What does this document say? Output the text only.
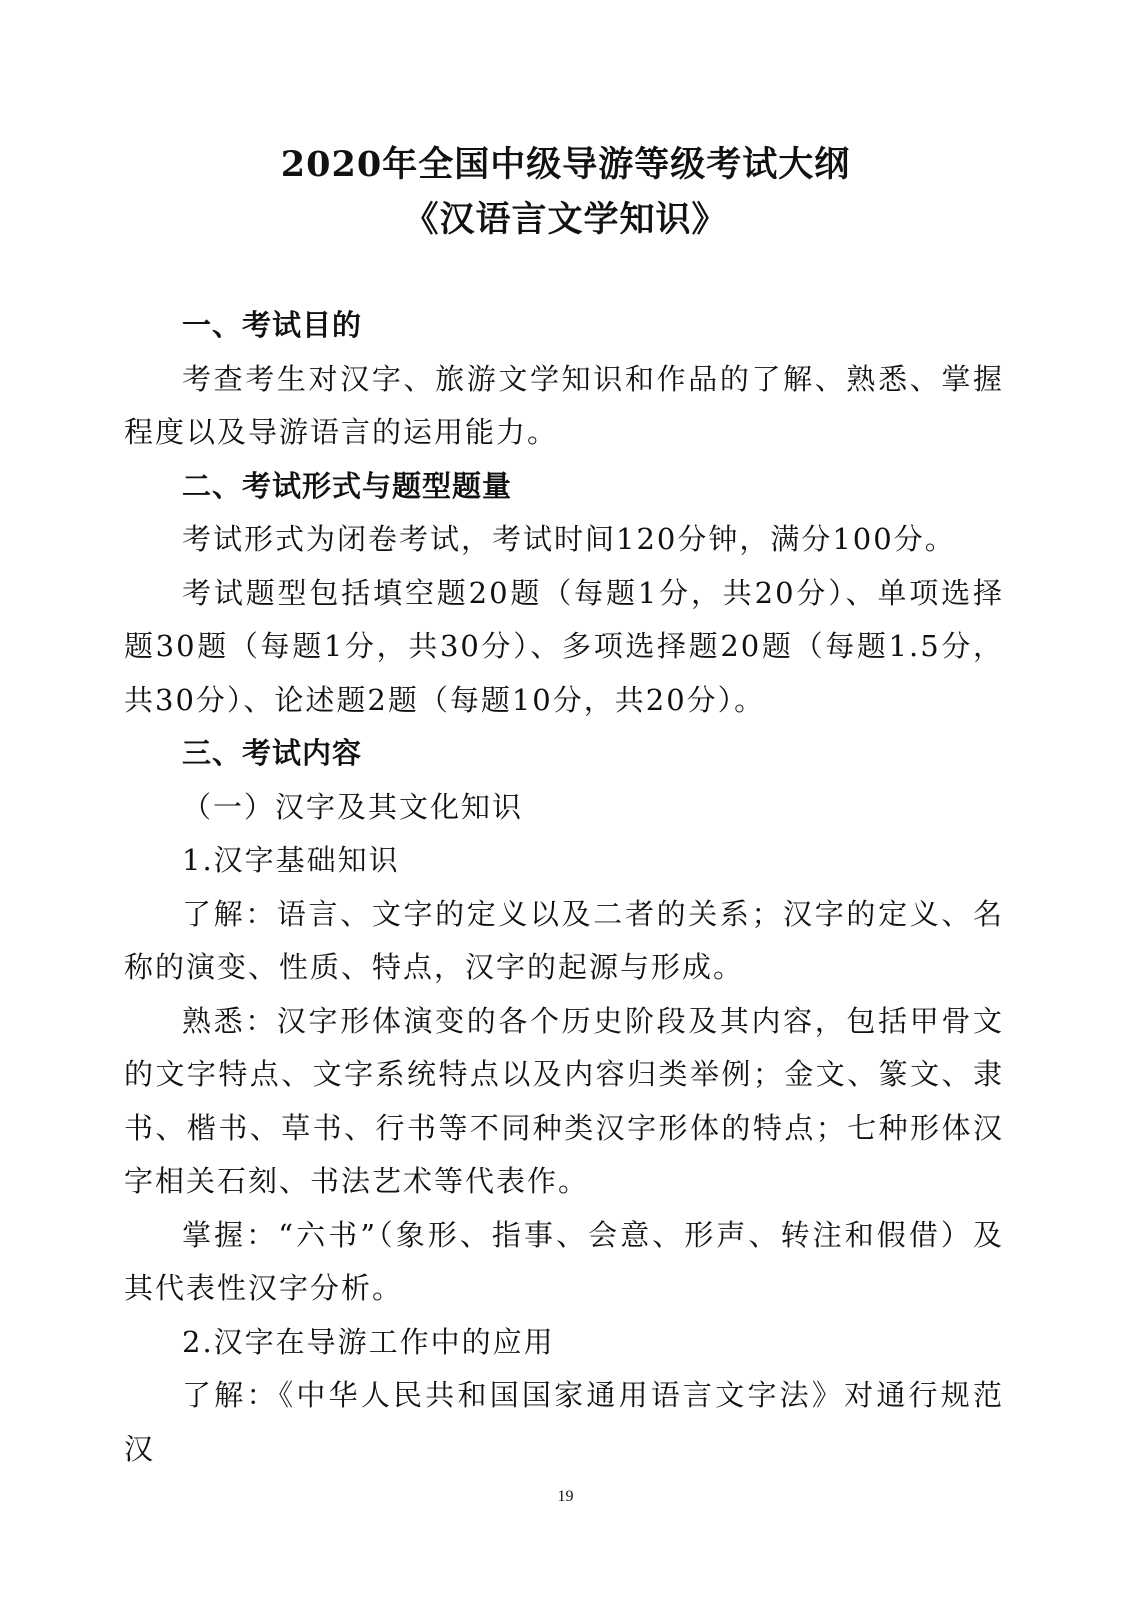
2020年全国中级导游等级考试大纲
《汉语言文学知识》

一、考试目的

考查考生对汉字、旅游文学知识和作品的了解、熟悉、掌握程度以及导游语言的运用能力。

二、考试形式与题型题量

考试形式为闭卷考试，考试时间120分钟，满分100分。

考试题型包括填空题20题（每题1分，共20分）、单项选择题30题（每题1分，共30分）、多项选择题20题（每题1.5分，共30分）、论述题2题（每题10分，共20分）。

三、考试内容

（一）汉字及其文化知识

1.汉字基础知识

了解：语言、文字的定义以及二者的关系；汉字的定义、名称的演变、性质、特点，汉字的起源与形成。

熟悉：汉字形体演变的各个历史阶段及其内容，包括甲骨文的文字特点、文字系统特点以及内容归类举例；金文、篆文、隶书、楷书、草书、行书等不同种类汉字形体的特点；七种形体汉字相关石刻、书法艺术等代表作。

掌握：“六书”（象形、指事、会意、形声、转注和假借）及其代表性汉字分析。

2.汉字在导游工作中的应用

了解：《中华人民共和国国家通用语言文字法》对通行规范汉

19
